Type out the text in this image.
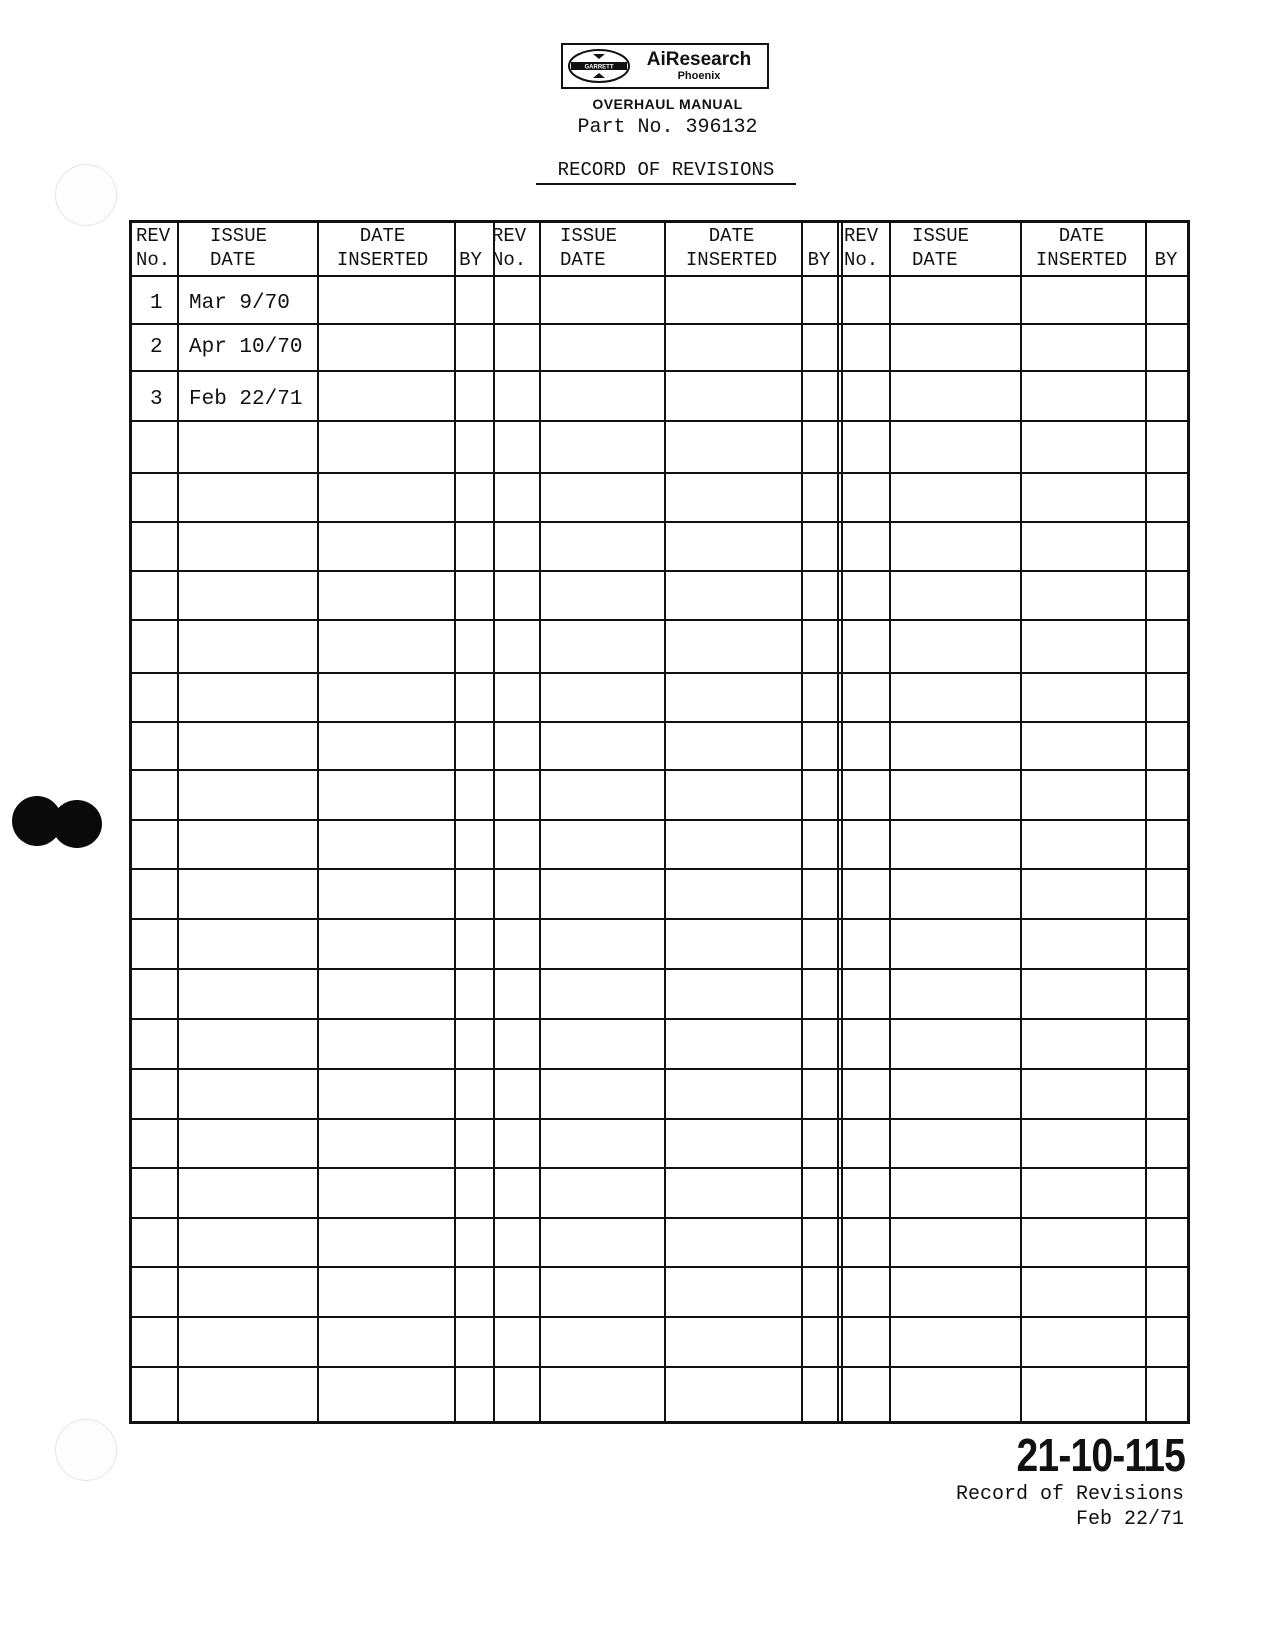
GARRETT	AiResearch
Phoenix
OVERHAUL MANUAL
Part No. 396132
RECORD OF REVISIONS
REV
No.
ISSUE
DATE
DATE
INSERTED BY
REV
No.
ISSUE
DATE
DATE
INSERTED BY
REV
No.
ISSUE
DATE
DATE
INSERTED BY
1 Mar 9/70
2 Apr 10/70
3 Feb 22/71
21-10-115
Record of Revisions
Feb 22/71
